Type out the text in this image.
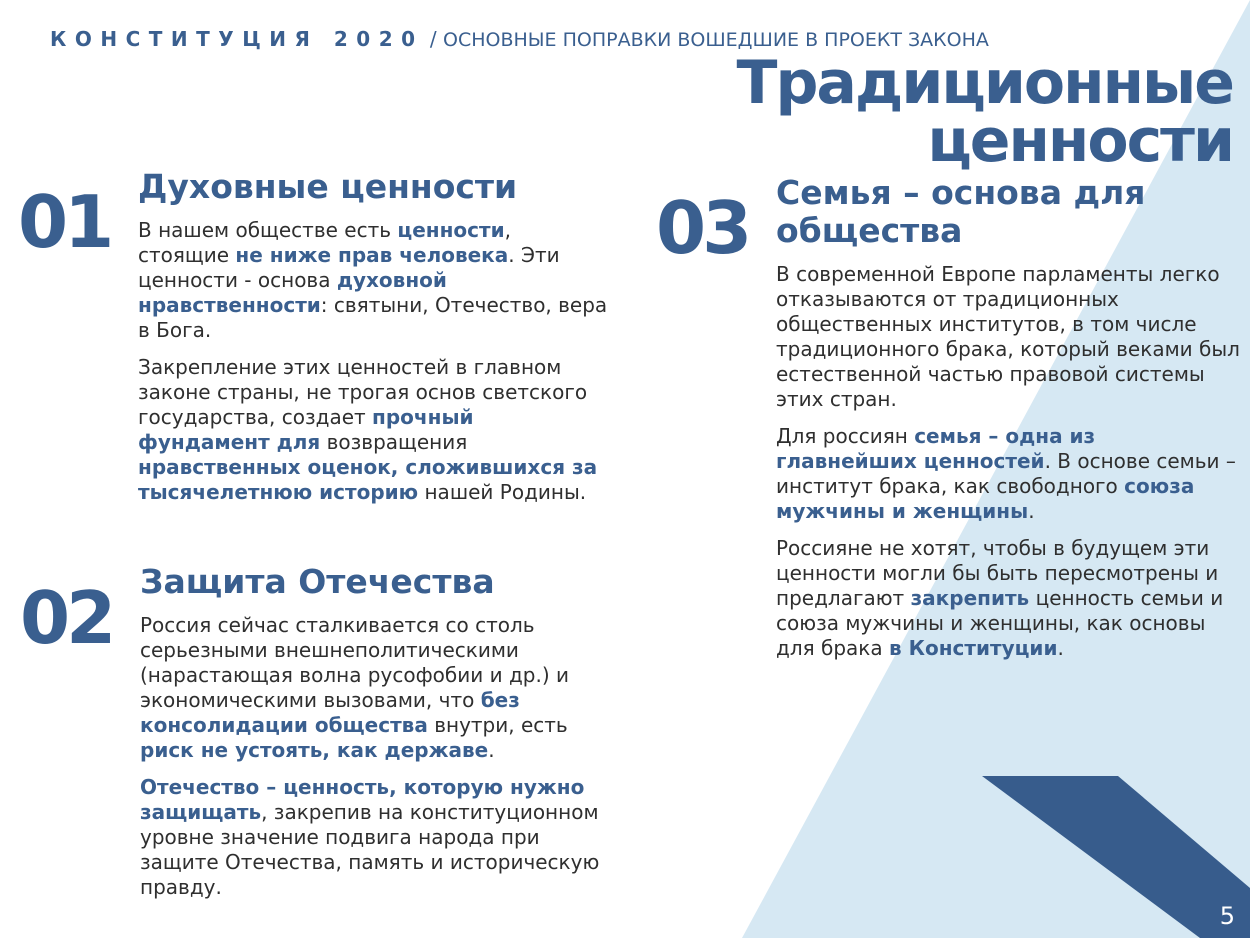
КОНСТИТУЦИЯ 2020 / ОСНОВНЫЕ ПОПРАВКИ ВОШЕДШИЕ В ПРОЕКТ ЗАКОНА
Традиционные
ценности
01 Духовные ценности

В нашем обществе есть ценности, стоящие не ниже прав человека. Эти ценности - основа духовной нравственности: святыни, Отечество, вера в Бога.

Закрепление этих ценностей в главном законе страны, не трогая основ светского государства, создает прочный фундамент для возвращения нравственных оценок, сложившихся за тысячелетнюю историю нашей Родины.

02 Защита Отечества

Россия сейчас сталкивается со столь серьезными внешнеполитическими (нарастающая волна русофобии и др.) и экономическими вызовами, что без консолидации общества внутри, есть риск не устоять, как державе.

Отечество – ценность, которую нужно защищать, закрепив на конституционном уровне значение подвига народа при защите Отечества, память и историческую правду.

03 Семья – основа для общества

В современной Европе парламенты легко отказываются от традиционных общественных институтов, в том числе традиционного брака, который веками был естественной частью правовой системы этих стран.

Для россиян семья – одна из главнейших ценностей. В основе семьи – институт брака, как свободного союза мужчины и женщины.

Россияне не хотят, чтобы в будущем эти ценности могли бы быть пересмотрены и предлагают закрепить ценность семьи и союза мужчины и женщины, как основы для брака в Конституции.

5
